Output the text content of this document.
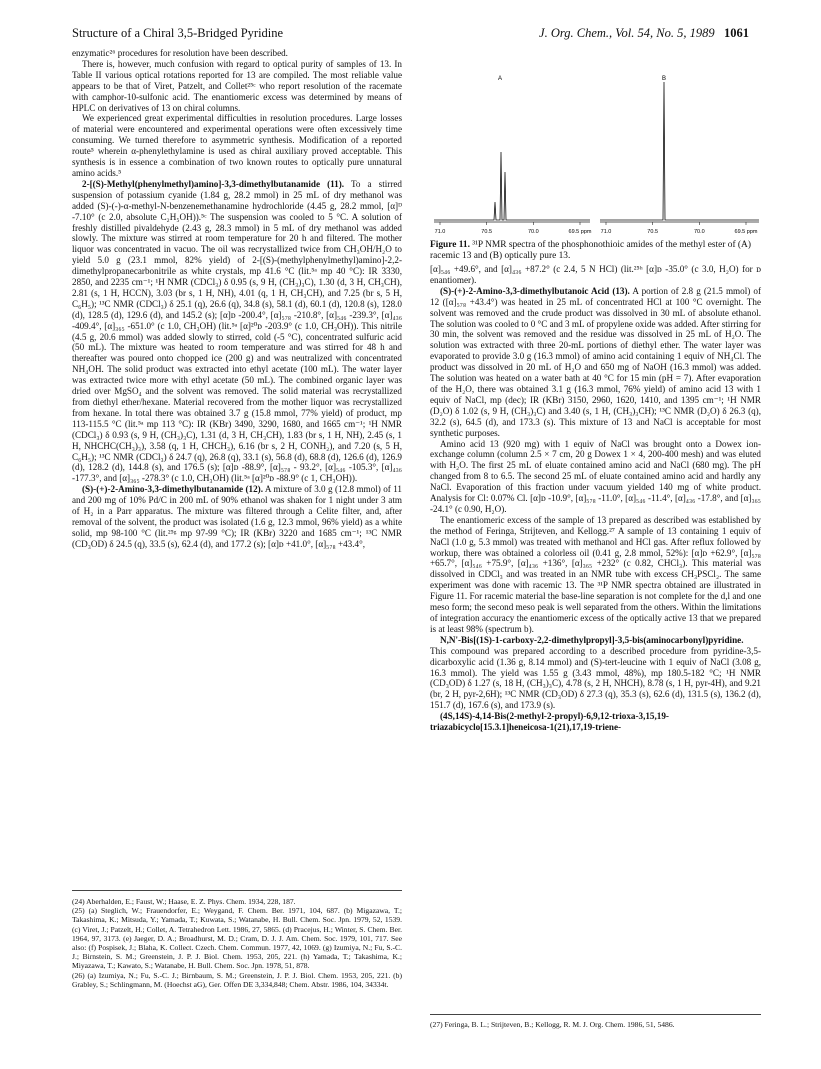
Structure of a Chiral 3,5-Bridged Pyridine	J. Org. Chem., Vol. 54, No. 5, 1989 1061

enzymatic²⁶ procedures for resolution have been described.

There is, however, much confusion with regard to optical purity of samples of 13. In Table II various optical rotations reported for 13 are compiled. The most reliable value appears to be that of Viret, Patzelt, and Collet²⁵ᶜ who report resolution of the racemate with camphor-10-sulfonic acid. The enantiomeric excess was determined by means of HPLC on derivatives of 13 on chiral columns.

We experienced great experimental difficulties in resolution procedures. Large losses of material were encountered and experimental operations were often excessively time consuming. We turned therefore to asymmetric synthesis. Modification of a reported route⁵ wherein α-phenylethylamine is used as chiral auxiliary proved acceptable. This synthesis is in essence a combination of two known routes to optically pure unnatural amino acids.⁵

2-[(S)-Methyl(phenylmethyl)amino]-3,3-dimethylbutanamide (11). To a stirred suspension of potassium cyanide (1.84 g, 28.2 mmol) in 25 mL of dry methanol was added (S)-(-)-α-methyl-N-benzenemethanamine hydrochloride (4.45 g, 28.2 mmol, [α]ᴰ -7.10° (c 2.0, absolute C₂H₅OH)).⁵ᶜ The suspension was cooled to 5 °C. A solution of freshly distilled pivaldehyde (2.43 g, 28.3 mmol) in 5 mL of dry methanol was added slowly. The mixture was stirred at room temperature for 20 h and filtered. The mother liquor was concentrated in vacuo. The oil was recrystallized twice from CH₃OH/H₂O to yield 5.0 g (23.1 mmol, 82% yield) of 2-[(S)-(methylphenylmethyl)amino]-2,2-dimethylpropanecarbonitrile as white crystals, mp 41.6 °C (lit.⁵ᵃ mp 40 °C): IR 3330, 2850, and 2235 cm⁻¹; ¹H NMR (CDCl₃) δ 0.95 (s, 9 H, (CH₃)₃C), 1.30 (d, 3 H, CH₃CH), 2.81 (s, 1 H, HCCN), 3.03 (br s, 1 H, NH), 4.01 (q, 1 H, CH₃CH), and 7.25 (br s, 5 H, C₆H₅); ¹³C NMR (CDCl₃) δ 25.1 (q), 26.6 (q), 34.8 (s), 58.1 (d), 60.1 (d), 120.8 (s), 128.0 (d), 128.5 (d), 129.6 (d), and 145.2 (s); [α]ᴅ -200.4°, [α]₅₇₈ -210.8°, [α]₅₄₆ -239.3°, [α]₄₃₆ -409.4°, [α]₃₆₅ -651.0° (c 1.0, CH₃OH) (lit.⁵ᵃ [α]²⁰ᴅ -203.9° (c 1.0, CH₃OH)). This nitrile (4.5 g, 20.6 mmol) was added slowly to stirred, cold (-5 °C), concentrated sulfuric acid (50 mL). The mixture was heated to room temperature and was stirred for 48 h and thereafter was poured onto chopped ice (200 g) and was neutralized with concentrated NH₄OH. The solid product was extracted into ethyl acetate (100 mL). The water layer was extracted twice more with ethyl acetate (50 mL). The combined organic layer was dried over MgSO₄ and the solvent was removed. The solid material was recrystallized from diethyl ether/hexane. Material recovered from the mother liquor was recrystallized from hexane. In total there was obtained 3.7 g (15.8 mmol, 77% yield) of product, mp 113-115.5 °C (lit.⁵ᵃ mp 113 °C): IR (KBr) 3490, 3290, 1680, and 1665 cm⁻¹; ¹H NMR (CDCl₃) δ 0.93 (s, 9 H, (CH₃)₃C), 1.31 (d, 3 H, CH₃CH), 1.83 (br s, 1 H, NH), 2.45 (s, 1 H, NHCHC(CH₃)₃), 3.58 (q, 1 H, CHCH₃), 6.16 (br s, 2 H, CONH₂), and 7.20 (s, 5 H, C₆H₅); ¹³C NMR (CDCl₃) δ 24.7 (q), 26.8 (q), 33.1 (s), 56.8 (d), 68.8 (d), 126.6 (d), 126.9 (d), 128.2 (d), 144.8 (s), and 176.5 (s); [α]ᴅ -88.9°, [α]₅₇₈ - 93.2°, [α]₅₄₆ -105.3°, [α]₄₃₆ -177.3°, and [α]₃₆₅ -278.3° (c 1.0, CH₃OH) (lit.⁵ᵃ [α]²⁰ᴅ -88.9° (c 1, CH₃OH)).

(S)-(+)-2-Amino-3,3-dimethylbutanamide (12). A mixture of 3.0 g (12.8 mmol) of 11 and 200 mg of 10% Pd/C in 200 mL of 90% ethanol was shaken for 1 night under 3 atm of H₂ in a Parr apparatus. The mixture was filtered through a Celite filter, and, after removal of the solvent, the product was isolated (1.6 g, 12.3 mmol, 96% yield) as a white solid, mp 98-100 °C (lit.²⁵ᵍ mp 97-99 °C); IR (KBr) 3220 and 1685 cm⁻¹; ¹³C NMR (CD₃OD) δ 24.5 (q), 33.5 (s), 62.4 (d), and 177.2 (s); [α]ᴅ +41.0°, [α]₅₇₈ +43.4°,

71.0	70.5	70.0	69.5 ppm
A
71.0	70.5	70.0	69.5 ppm
B
Figure 11. ³¹P NMR spectra of the phosphonothioic amides of the methyl ester of (A) racemic 13 and (B) optically pure 13.

[α]₅₄₆ +49.6°, and [α]₄₃₆ +87.2° (c 2.4, 5 N HCl) (lit.²⁵ʰ [α]ᴅ -35.0° (c 3.0, H₂O) for ᴅ enantiomer).

(S)-(+)-2-Amino-3,3-dimethylbutanoic Acid (13). A portion of 2.8 g (21.5 mmol) of 12 ([α]₅₇₈ +43.4°) was heated in 25 mL of concentrated HCl at 100 °C overnight. The solvent was removed and the crude product was dissolved in 30 mL of absolute ethanol. The solution was cooled to 0 °C and 3 mL of propylene oxide was added. After stirring for 30 min, the solvent was removed and the residue was dissolved in 25 mL of H₂O. The solution was extracted with three 20-mL portions of diethyl ether. The water layer was evaporated to provide 3.0 g (16.3 mmol) of amino acid containing 1 equiv of NH₄Cl. The product was dissolved in 20 mL of H₂O and 650 mg of NaOH (16.3 mmol) was added. The solution was heated on a water bath at 40 °C for 15 min (pH = 7). After evaporation of the H₂O, there was obtained 3.1 g (16.3 mmol, 76% yield) of amino acid 13 with 1 equiv of NaCl, mp (dec); IR (KBr) 3150, 2960, 1620, 1410, and 1395 cm⁻¹; ¹H NMR (D₂O) δ 1.02 (s, 9 H, (CH₃)₃C) and 3.40 (s, 1 H, (CH₃)₃CH); ¹³C NMR (D₂O) δ 26.3 (q), 32.2 (s), 64.5 (d), and 173.3 (s). This mixture of 13 and NaCl is acceptable for most synthetic purposes.

Amino acid 13 (920 mg) with 1 equiv of NaCl was brought onto a Dowex ion-exchange column (column 2.5 × 7 cm, 20 g Dowex 1 × 4, 200-400 mesh) and was eluted with H₂O. The first 25 mL of eluate contained amino acid and NaCl (680 mg). The pH changed from 8 to 6.5. The second 25 mL of eluate contained amino acid and hardly any NaCl. Evaporation of this fraction under vacuum yielded 140 mg of white product. Analysis for Cl: 0.07% Cl. [α]ᴅ -10.9°, [α]₅₇₈ -11.0°, [α]₅₄₆ -11.4°, [α]₄₃₆ -17.8°, and [α]₃₆₅ -24.1° (c 0.90, H₂O).

The enantiomeric excess of the sample of 13 prepared as described was established by the method of Feringa, Strijteven, and Kellogg.²⁷ A sample of 13 containing 1 equiv of NaCl (1.0 g, 5.3 mmol) was treated with methanol and HCl gas. After reflux followed by workup, there was obtained a colorless oil (0.41 g, 2.8 mmol, 52%): [α]ᴅ +62.9°, [α]₅₇₈ +65.7°, [α]₅₄₆ +75.9°, [α]₄₃₆ +136°, [α]₃₆₅ +232° (c 0.82, CHCl₃). This material was dissolved in CDCl₃ and was treated in an NMR tube with excess CH₃PSCl₂. The same experiment was done with racemic 13. The ³¹P NMR spectra obtained are illustrated in Figure 11. For racemic material the base-line separation is not complete for the d,l and one meso form; the second meso peak is well separated from the others. Within the limitations of integration accuracy the enantiomeric excess of the optically active 13 that we prepared is at least 98% (spectrum b).

N,N'-Bis[(1S)-1-carboxy-2,2-dimethylpropyl]-3,5-bis(aminocarbonyl)pyridine. This compound was prepared according to a described procedure from pyridine-3,5-dicarboxylic acid (1.36 g, 8.14 mmol) and (S)-tert-leucine with 1 equiv of NaCl (3.08 g, 16.3 mmol). The yield was 1.55 g (3.43 mmol, 48%), mp 180.5-182 °C; ¹H NMR (CD₃OD) δ 1.27 (s, 18 H, (CH₃)₃C), 4.78 (s, 2 H, NHCH), 8.78 (s, 1 H, pyr-4H), and 9.21 (br, 2 H, pyr-2,6H); ¹³C NMR (CD₃OD) δ 27.3 (q), 35.3 (s), 62.6 (d), 131.5 (s), 136.2 (d), 151.7 (d), 167.6 (s), and 173.9 (s).

(4S,14S)-4,14-Bis(2-methyl-2-propyl)-6,9,12-trioxa-3,15,19-triazabicyclo[15.3.1]heneicosa-1(21),17,19-triene-

(24) Aberhalden, E.; Faust, W.; Haase, E. Z. Phys. Chem. 1934, 228, 187.

(25) (a) Steglich, W.; Frauendorfer, E.; Weygand, F. Chem. Ber. 1971, 104, 687. (b) Migazawa, T.; Takashima, K.; Mitsuda, Y.; Yamada, T.; Kuwata, S.; Watanabe, H. Bull. Chem. Soc. Jpn. 1979, 52, 1539. (c) Viret, J.; Patzelt, H.; Collet, A. Tetrahedron Lett. 1986, 27, 5865. (d) Pracejus, H.; Winter, S. Chem. Ber. 1964, 97, 3173. (e) Jaeger, D. A.; Broadhurst, M. D.; Cram, D. J. J. Am. Chem. Soc. 1979, 101, 717. See also: (f) Pospisek, J.; Blaha, K. Collect. Czech. Chem. Commun. 1977, 42, 1069. (g) Izumiya, N.; Fu, S.-C. J.; Birnstein, S. M.; Greenstein, J. P. J. Biol. Chem. 1953, 205, 221. (h) Yamada, T.; Takashima, K.; Miyazawa, T.; Kawato, S.; Watanabe, H. Bull. Chem. Soc. Jpn. 1978, 51, 878.

(26) (a) Izumiya, N.; Fu, S.-C. J.; Birnbaum, S. M.; Greenstein, J. P. J. Biol. Chem. 1953, 205, 221. (b) Grabley, S.; Schlingmann, M. (Hoechst aG), Ger. Offen DE 3,334,848; Chem. Abstr. 1986, 104, 34334t.

(27) Feringa, B. L.; Strijteven, B.; Kellogg, R. M. J. Org. Chem. 1986, 51, 5486.
